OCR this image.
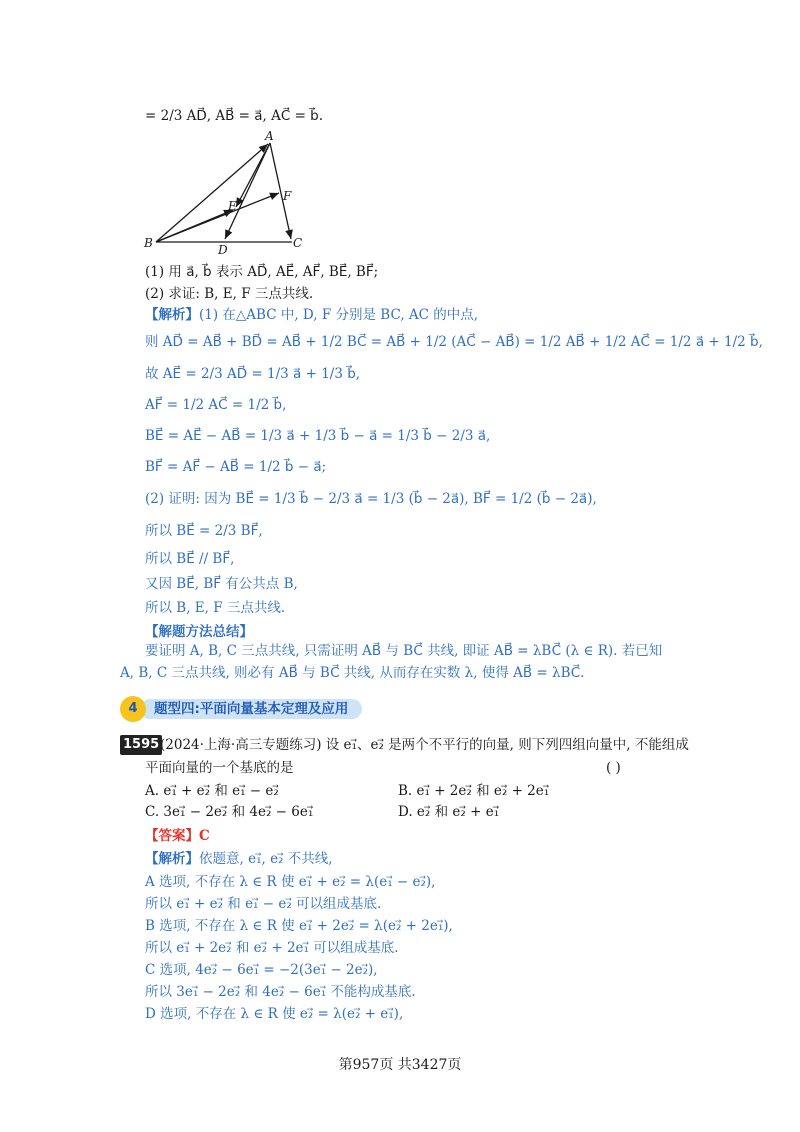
= 2/3 AD⃗, AB⃗ = a⃗, AC⃗ = b⃗.
A
B	C
D
E
F
(1) 用 a⃗, b⃗ 表示 AD⃗, AE⃗, AF⃗, BE⃗, BF⃗;
(2) 求证: B, E, F 三点共线.
【解析】(1) 在△ABC 中, D, F 分别是 BC, AC 的中点,
则 AD⃗ = AB⃗ + BD⃗ = AB⃗ + 1/2 BC⃗ = AB⃗ + 1/2 (AC⃗ − AB⃗) = 1/2 AB⃗ + 1/2 AC⃗ = 1/2 a⃗ + 1/2 b⃗,
故 AE⃗ = 2/3 AD⃗ = 1/3 a⃗ + 1/3 b⃗,
AF⃗ = 1/2 AC⃗ = 1/2 b⃗,
BE⃗ = AE⃗ − AB⃗ = 1/3 a⃗ + 1/3 b⃗ − a⃗ = 1/3 b⃗ − 2/3 a⃗,
BF⃗ = AF⃗ − AB⃗ = 1/2 b⃗ − a⃗;
(2) 证明: 因为 BE⃗ = 1/3 b⃗ − 2/3 a⃗ = 1/3 (b⃗ − 2a⃗), BF⃗ = 1/2 (b⃗ − 2a⃗),
所以 BE⃗ = 2/3 BF⃗,
所以 BE⃗ // BF⃗,
又因 BE⃗, BF⃗ 有公共点 B,
所以 B, E, F 三点共线.
【解题方法总结】
要证明 A, B, C 三点共线, 只需证明 AB⃗ 与 BC⃗ 共线, 即证 AB⃗ = λBC⃗ (λ ∈ R). 若已知
A, B, C 三点共线, 则必有 AB⃗ 与 BC⃗ 共线, 从而存在实数 λ, 使得 AB⃗ = λBC⃗.
题型四:平面向量基本定理及应用
4
1595 (2024·上海·高三专题练习) 设 e₁⃗、e₂⃗ 是两个不平行的向量, 则下列四组向量中, 不能组成
平面向量的一个基底的是	( )
A. e₁⃗ + e₂⃗ 和 e₁⃗ − e₂⃗	B. e₁⃗ + 2e₂⃗ 和 e₂⃗ + 2e₁⃗
C. 3e₁⃗ − 2e₂⃗ 和 4e₂⃗ − 6e₁⃗	D. e₂⃗ 和 e₂⃗ + e₁⃗
【答案】C
【解析】依题意, e₁⃗, e₂⃗ 不共线,
A 选项, 不存在 λ ∈ R 使 e₁⃗ + e₂⃗ = λ(e₁⃗ − e₂⃗),
所以 e₁⃗ + e₂⃗ 和 e₁⃗ − e₂⃗ 可以组成基底.
B 选项, 不存在 λ ∈ R 使 e₁⃗ + 2e₂⃗ = λ(e₂⃗ + 2e₁⃗),
所以 e₁⃗ + 2e₂⃗ 和 e₂⃗ + 2e₁⃗ 可以组成基底.
C 选项, 4e₂⃗ − 6e₁⃗ = −2(3e₁⃗ − 2e₂⃗),
所以 3e₁⃗ − 2e₂⃗ 和 4e₂⃗ − 6e₁⃗ 不能构成基底.
D 选项, 不存在 λ ∈ R 使 e₂⃗ = λ(e₂⃗ + e₁⃗),
第957页 共3427页
